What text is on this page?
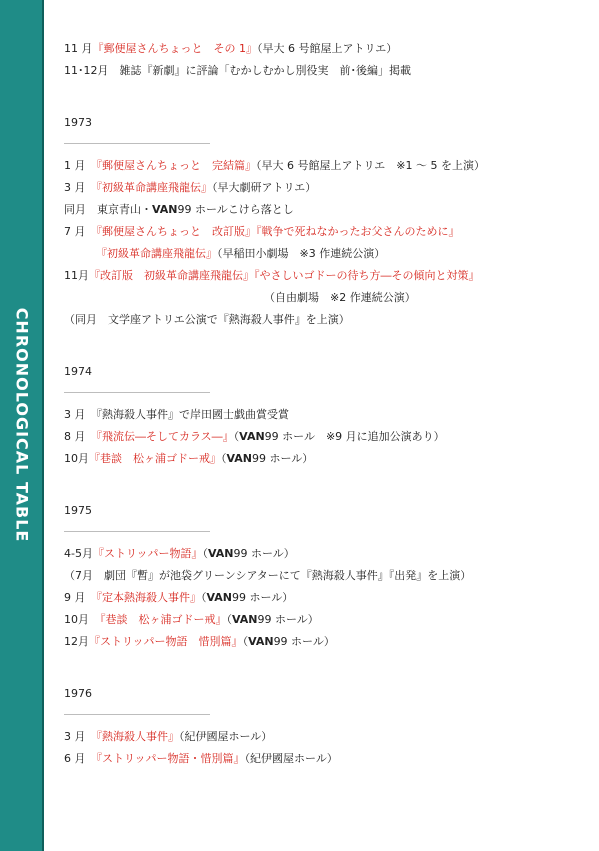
CHRONOLOGICAL TABLE
11 月『郵便屋さんちょっと　その 1』（早大 6 号館屋上アトリエ）
11･12月　雑誌『新劇』に評論「むかしむかし別役実　前･後編」掲載
1973
1 月　『郵便屋さんちょっと　完結篇』（早大 6 号館屋上アトリエ　※1 ～ 5 を上演）
3 月　『初級革命講座飛龍伝』（早大劇研アトリエ）
同月　東京青山・VAN99 ホールこけら落とし
7 月　『郵便屋さんちょっと　改訂版』『戦争で死ねなかったお父さんのために』
『初級革命講座飛龍伝』（早稲田小劇場　※3 作連続公演）
11月『改訂版　初級革命講座飛龍伝』『やさしいゴドーの待ち方―その傾向と対策』
（自由劇場　※2 作連続公演）
（同月　文学座アトリエ公演で『熱海殺人事件』を上演）
1974
3 月　『熱海殺人事件』で岸田國士戯曲賞受賞
8 月　『飛流伝―そしてカラス―』（VAN99 ホール　※9 月に追加公演あり）
10月『巷談　松ヶ浦ゴドー戒』（VAN99 ホール）
1975
4-5月『ストリッパー物語』（VAN99 ホール）
（7月　劇団『暫』が池袋グリーンシアターにて『熱海殺人事件』『出発』を上演）
9 月　『定本熱海殺人事件』（VAN99 ホール）
10月　『巷談　松ヶ浦ゴドー戒』（VAN99 ホール）
12月『ストリッパー物語　惜別篇』（VAN99 ホール）
1976
3 月　『熱海殺人事件』（紀伊國屋ホール）
6 月　『ストリッパー物語・惜別篇』（紀伊國屋ホール）
